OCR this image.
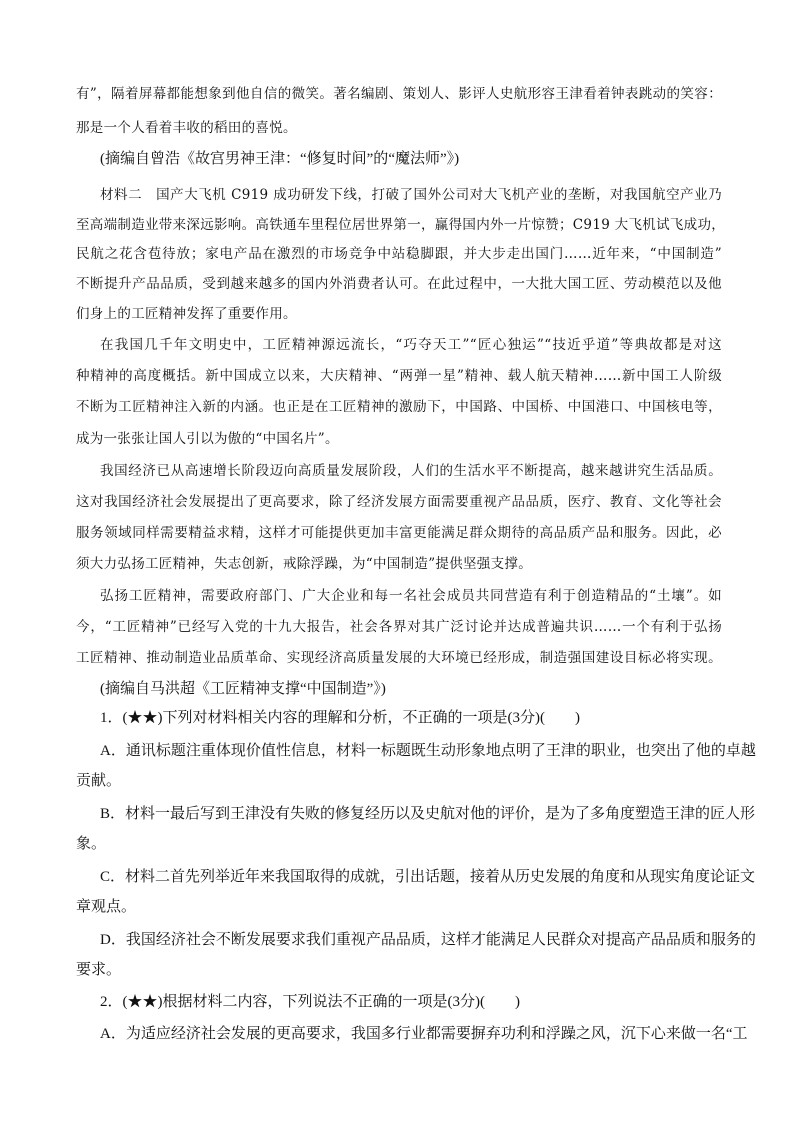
有”，隔着屏幕都能想象到他自信的微笑。著名编剧、策划人、影评人史航形容王津看着钟表跳动的笑容：
那是一个人看着丰收的稻田的喜悦。
(摘编自曾浩《故宫男神王津：“修复时间”的“魔法师”》)
材料二　国产大飞机 C919 成功研发下线，打破了国外公司对大飞机产业的垄断，对我国航空产业乃
至高端制造业带来深远影响。高铁通车里程位居世界第一，赢得国内外一片惊赞；C919 大飞机试飞成功，
民航之花含苞待放；家电产品在激烈的市场竞争中站稳脚跟，并大步走出国门……近年来，“中国制造”
不断提升产品品质，受到越来越多的国内外消费者认可。在此过程中，一大批大国工匠、劳动模范以及他
们身上的工匠精神发挥了重要作用。
在我国几千年文明史中，工匠精神源远流长，“巧夺天工”“匠心独运”“技近乎道”等典故都是对这
种精神的高度概括。新中国成立以来，大庆精神、“两弹一星”精神、载人航天精神……新中国工人阶级
不断为工匠精神注入新的内涵。也正是在工匠精神的激励下，中国路、中国桥、中国港口、中国核电等，
成为一张张让国人引以为傲的“中国名片”。
我国经济已从高速增长阶段迈向高质量发展阶段，人们的生活水平不断提高，越来越讲究生活品质。
这对我国经济社会发展提出了更高要求，除了经济发展方面需要重视产品品质，医疗、教育、文化等社会
服务领域同样需要精益求精，这样才可能提供更加丰富更能满足群众期待的高品质产品和服务。因此，必
须大力弘扬工匠精神，失志创新，戒除浮躁，为“中国制造”提供坚强支撑。
弘扬工匠精神，需要政府部门、广大企业和每一名社会成员共同营造有利于创造精品的“土壤”。如
今，“工匠精神”已经写入党的十九大报告，社会各界对其广泛讨论并达成普遍共识……一个有利于弘扬
工匠精神、推动制造业品质革命、实现经济高质量发展的大环境已经形成，制造强国建设目标必将实现。
(摘编自马洪超《工匠精神支撑“中国制造”》)
1．(★★)下列对材料相关内容的理解和分析，不正确的一项是(3分)(　　)
A．通讯标题注重体现价值性信息，材料一标题既生动形象地点明了王津的职业，也突出了他的卓越
贡献。
B．材料一最后写到王津没有失败的修复经历以及史航对他的评价，是为了多角度塑造王津的匠人形
象。
C．材料二首先列举近年来我国取得的成就，引出话题，接着从历史发展的角度和从现实角度论证文
章观点。
D．我国经济社会不断发展要求我们重视产品品质，这样才能满足人民群众对提高产品品质和服务的
要求。
2．(★★)根据材料二内容，下列说法不正确的一项是(3分)(　　)
A．为适应经济社会发展的更高要求，我国多行业都需要摒弃功利和浮躁之风，沉下心来做一名“工
